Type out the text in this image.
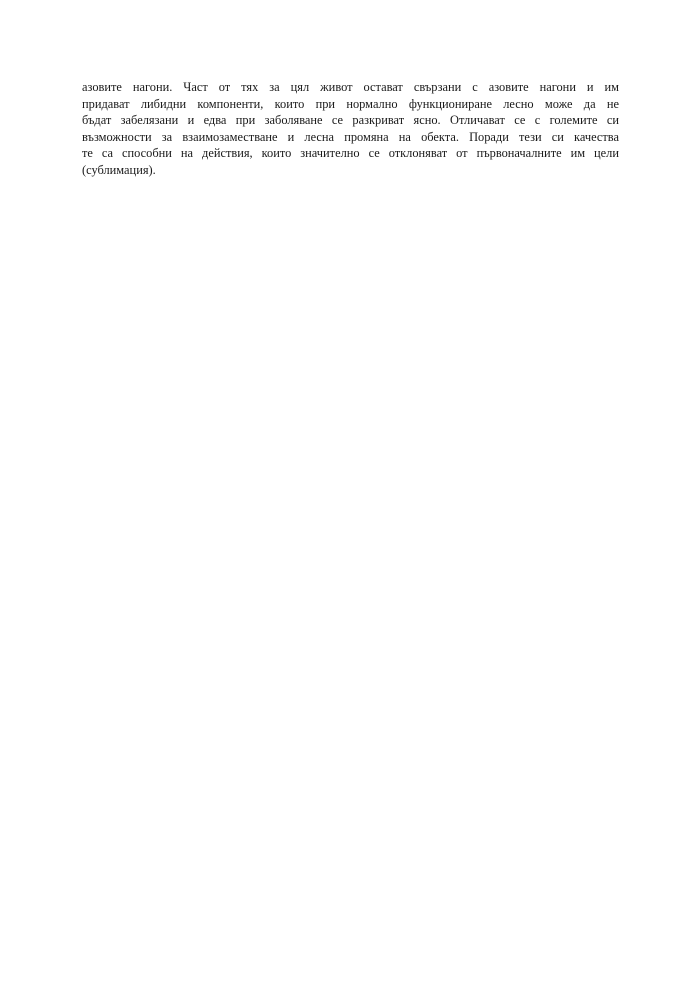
азовите нагони. Част от тях за цял живот остават свързани с азовите нагони и им
придават либидни компоненти, които при нормално функциониране лесно може да не
бъдат забелязани и едва при заболяване се разкриват ясно. Отличават се с големите си
възможности за взаимозаместване и лесна промяна на обекта. Поради тези си качества
те са способни на действия, които значително се отклоняват от първоначалните им цели
(сублимация).
